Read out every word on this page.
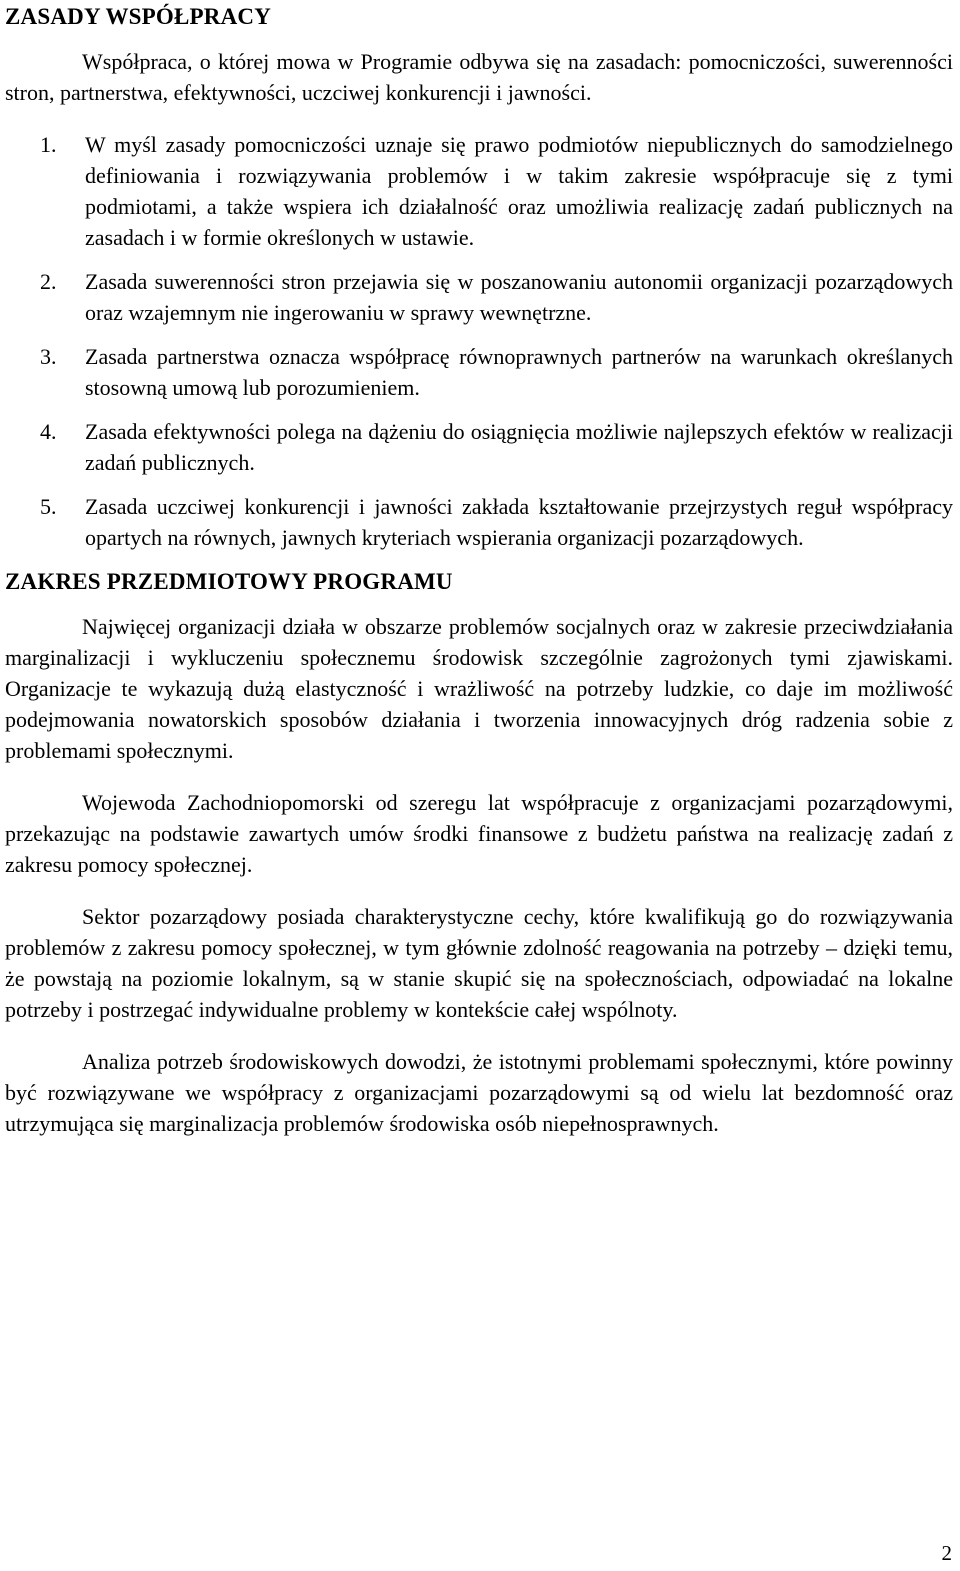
ZASADY WSPÓŁPRACY

Współpraca, o której mowa w Programie odbywa się na zasadach: pomocniczości, suwerenności stron, partnerstwa, efektywności, uczciwej konkurencji i jawności.

1. W myśl zasady pomocniczości uznaje się prawo podmiotów niepublicznych do samodzielnego definiowania i rozwiązywania problemów i w takim zakresie współpracuje się z tymi podmiotami, a także wspiera ich działalność oraz umożliwia realizację zadań publicznych na zasadach i w formie określonych w ustawie.
2. Zasada suwerenności stron przejawia się w poszanowaniu autonomii organizacji pozarządowych oraz wzajemnym nie ingerowaniu w sprawy wewnętrzne.
3. Zasada partnerstwa oznacza współpracę równoprawnych partnerów na warunkach określanych stosowną umową lub porozumieniem.
4. Zasada efektywności polega na dążeniu do osiągnięcia możliwie najlepszych efektów w realizacji zadań publicznych.
5. Zasada uczciwej konkurencji i jawności zakłada kształtowanie przejrzystych reguł współpracy opartych na równych, jawnych kryteriach wspierania organizacji pozarządowych.
ZAKRES PRZEDMIOTOWY PROGRAMU

Najwięcej organizacji działa w obszarze problemów socjalnych oraz w zakresie przeciwdziałania marginalizacji i wykluczeniu społecznemu środowisk szczególnie zagrożonych tymi zjawiskami. Organizacje te wykazują dużą elastyczność i wrażliwość na potrzeby ludzkie, co daje im możliwość podejmowania nowatorskich sposobów działania i tworzenia innowacyjnych dróg radzenia sobie z problemami społecznymi.

Wojewoda Zachodniopomorski od szeregu lat współpracuje z organizacjami pozarządowymi, przekazując na podstawie zawartych umów środki finansowe z budżetu państwa na realizację zadań z zakresu pomocy społecznej.

Sektor pozarządowy posiada charakterystyczne cechy, które kwalifikują go do rozwiązywania problemów z zakresu pomocy społecznej, w tym głównie zdolność reagowania na potrzeby – dzięki temu, że powstają na poziomie lokalnym, są w stanie skupić się na społecznościach, odpowiadać na lokalne potrzeby i postrzegać indywidualne problemy w kontekście całej wspólnoty.

Analiza potrzeb środowiskowych dowodzi, że istotnymi problemami społecznymi, które powinny być rozwiązywane we współpracy z organizacjami pozarządowymi są od wielu lat bezdomność oraz utrzymująca się marginalizacja problemów środowiska osób niepełnosprawnych.

2
